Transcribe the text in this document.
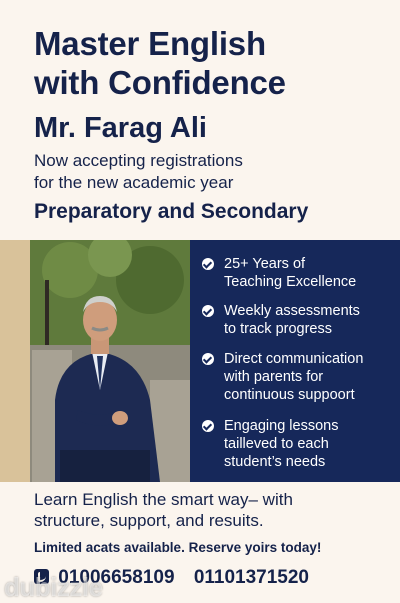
Master English
with Confidence
Mr. Farag Ali
Now accepting registrations
for the new academic year
Preparatory and Secondary
25+ Years of
Teaching Excellence
Weekly assessments
to track progress
Direct communication
with parents for
continuous suppoort
Engaging lessons
tailleved to each
student’s needs
Learn English the smart way– with
structure, support, and resuits.
Limited acats available. Reserve yoirs today!
01006658109 01101371520
dubizzle
